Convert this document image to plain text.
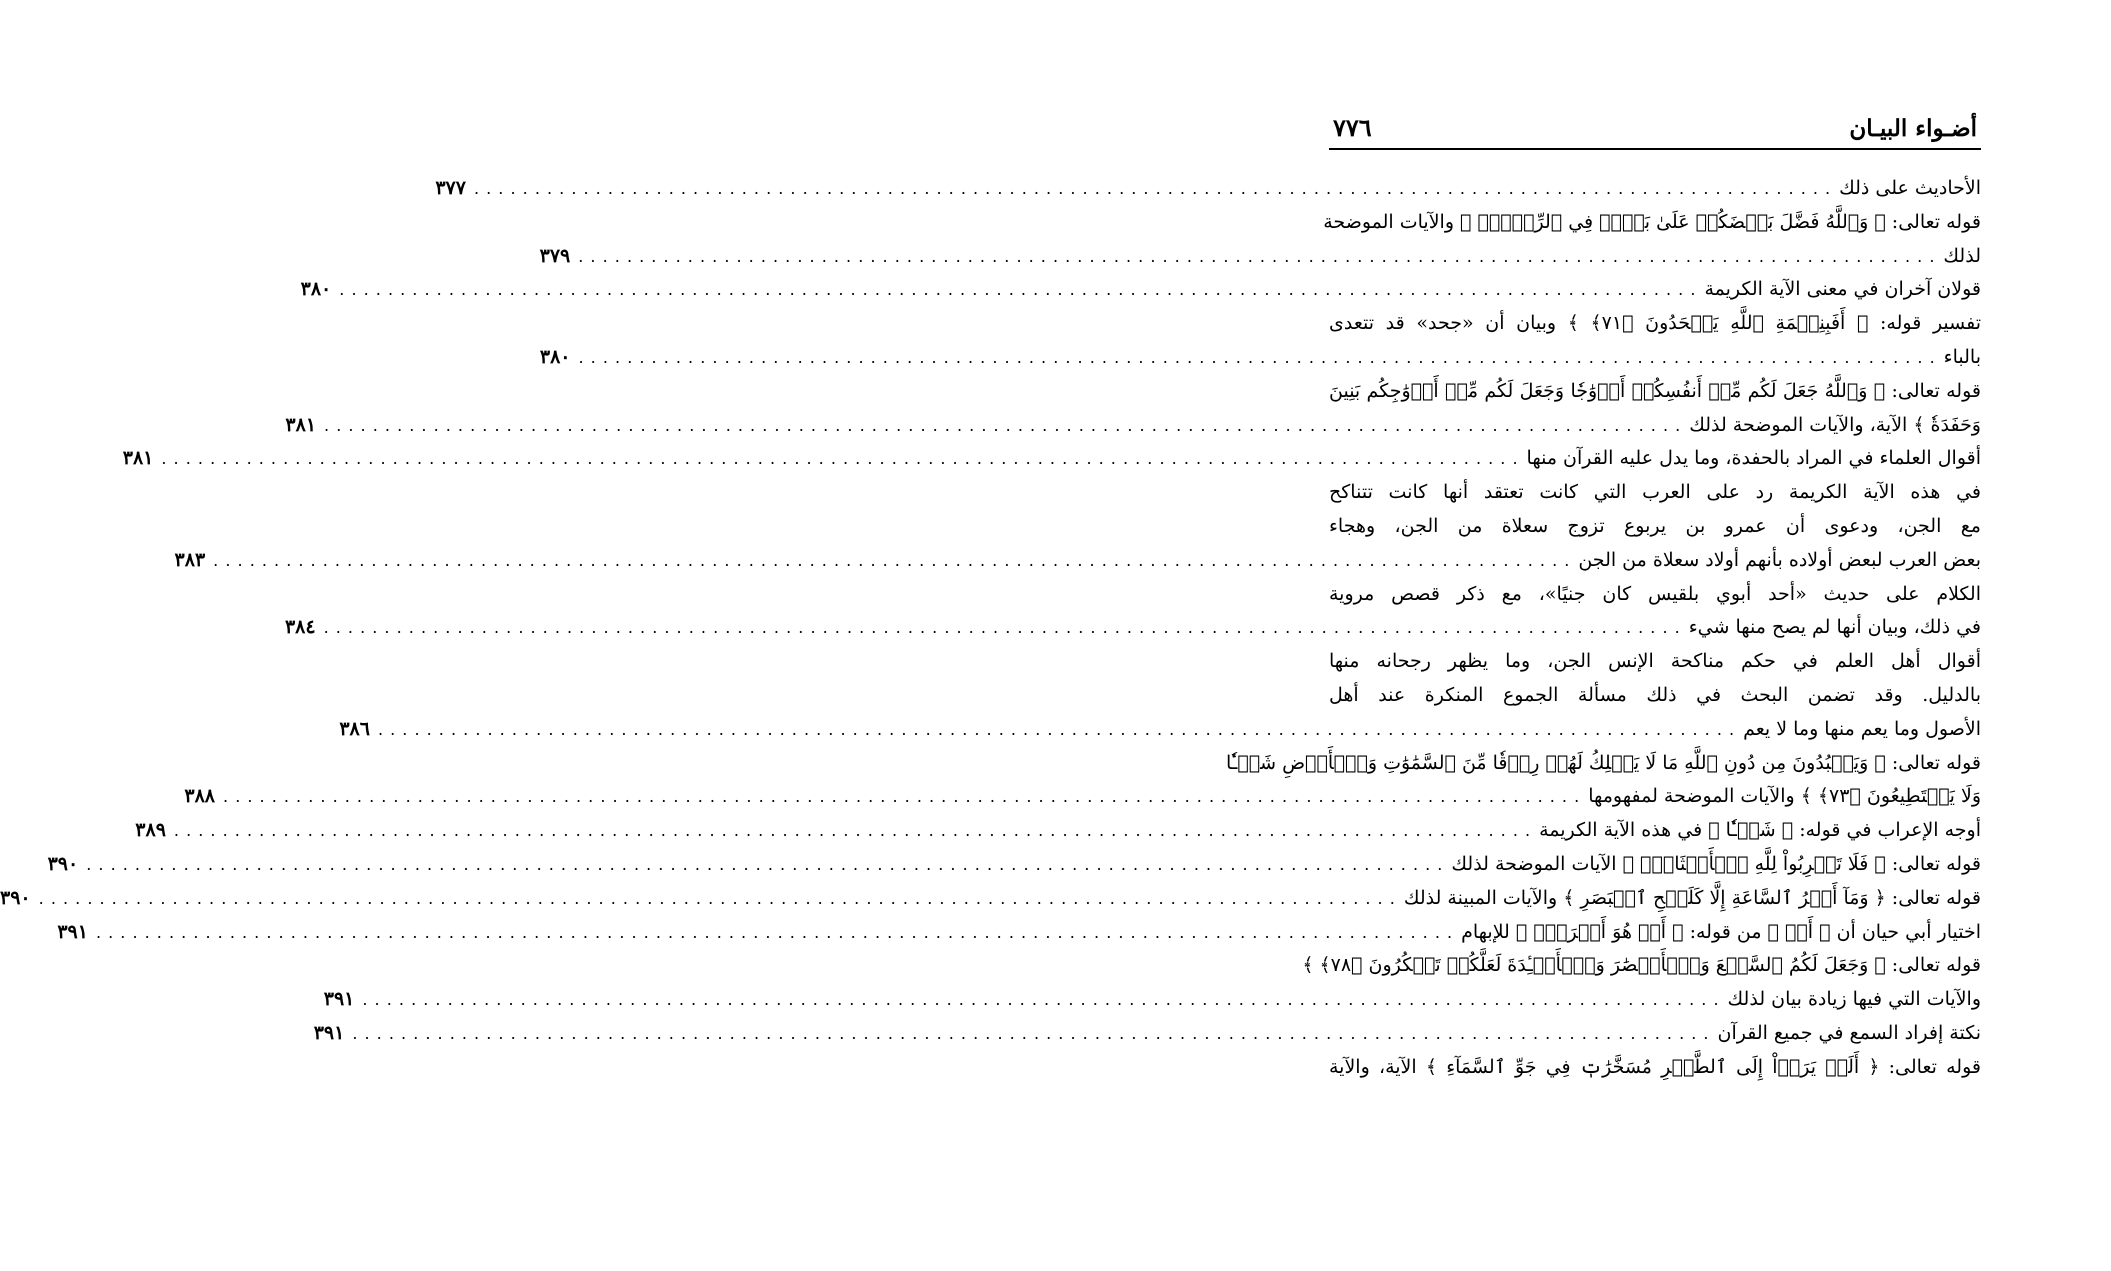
أضـواء البيـان
٧٧٦
الأحاديث على ذلك
. . .
٣٧٧
قوله تعالى: ﴿ وَٱللَّهُ فَضَّلَ بَعۡضَكُمۡ عَلَىٰ بَعۡضٖ فِي ٱلرِّزۡقِۚ ﴾ والآيات الموضحة
لذلك
. . .
٣٧٩
قولان آخران في معنى الآية الكريمة
. . .
٣٨٠
تفسير قوله: ﴿ أَفَبِنِعۡمَةِ ٱللَّهِ يَجۡحَدُونَ ﴿٧١﴾ ﴾ وبيان أن «جحد» قد تتعدى
بالباء
. . .
٣٨٠
قوله تعالى: ﴿ وَٱللَّهُ جَعَلَ لَكُم مِّنۡ أَنفُسِكُمۡ أَزۡوَٰجٗا وَجَعَلَ لَكُم مِّنۡ أَزۡوَٰجِكُم بَنِينَ
وَحَفَدَةٗ ﴾ الآية، والآيات الموضحة لذلك
. . .
٣٨١
أقوال العلماء في المراد بالحفدة، وما يدل عليه القرآن منها
. . .
٣٨١
في هذه الآية الكريمة رد على العرب التي كانت تعتقد أنها كانت تتناكح
مع الجن، ودعوى أن عمرو بن يربوع تزوج سعلاة من الجن، وهجاء
بعض العرب لبعض أولاده بأنهم أولاد سعلاة من الجن
. . .
٣٨٣
الكلام على حديث «أحد أبوي بلقيس كان جنيًا»، مع ذكر قصص مروية
في ذلك، وبيان أنها لم يصح منها شيء
. . .
٣٨٤
أقوال أهل العلم في حكم مناكحة الإنس الجن، وما يظهر رجحانه منها
بالدليل. وقد تضمن البحث في ذلك مسألة الجموع المنكرة عند أهل
الأصول وما يعم منها وما لا يعم
. . .
٣٨٦
قوله تعالى: ﴿ وَيَعۡبُدُونَ مِن دُونِ ٱللَّهِ مَا لَا يَمۡلِكُ لَهُمۡ رِزۡقٗا مِّنَ ٱلسَّمَٰوَٰتِ وَٱلۡأَرۡضِ شَيۡـٔٗا
وَلَا يَسۡتَطِيعُونَ ﴿٧٣﴾ ﴾ والآيات الموضحة لمفهومها
. . .
٣٨٨
أوجه الإعراب في قوله: ﴿ شَيۡـٔٗا ﴾ في هذه الآية الكريمة
. . .
٣٨٩
قوله تعالى: ﴿ فَلَا تَضۡرِبُواْ لِلَّهِ ٱلۡأَمۡثَالَۚ ﴾ الآيات الموضحة لذلك
. . .
٣٩٠
قوله تعالى: ﴿ وَمَآ أَمۡرُ ٱلسَّاعَةِ إِلَّا كَلَمۡحِ ٱلۡبَصَرِ ﴾ والآيات المبينة لذلك
. . .
٣٩٠
اختيار أبي حيان أن ﴿ أَوۡ ﴾ من قوله: ﴿ أَوۡ هُوَ أَقۡرَبُۚ ﴾ للإبهام
. . .
٣٩١
قوله تعالى: ﴿ وَجَعَلَ لَكُمُ ٱلسَّمۡعَ وَٱلۡأَبۡصَٰرَ وَٱلۡأَفۡـِٔدَةَ لَعَلَّكُمۡ تَشۡكُرُونَ ﴿٧٨﴾ ﴾
والآيات التي فيها زيادة بيان لذلك
. . .
٣٩١
نكتة إفراد السمع في جميع القرآن
. . .
٣٩١
قوله تعالى: ﴿ أَلَمۡ يَرَوۡاْ إِلَى ٱلطَّيۡرِ مُسَخَّرَٰتٖ فِي جَوِّ ٱلسَّمَآءِ ﴾ الآية، والآية
